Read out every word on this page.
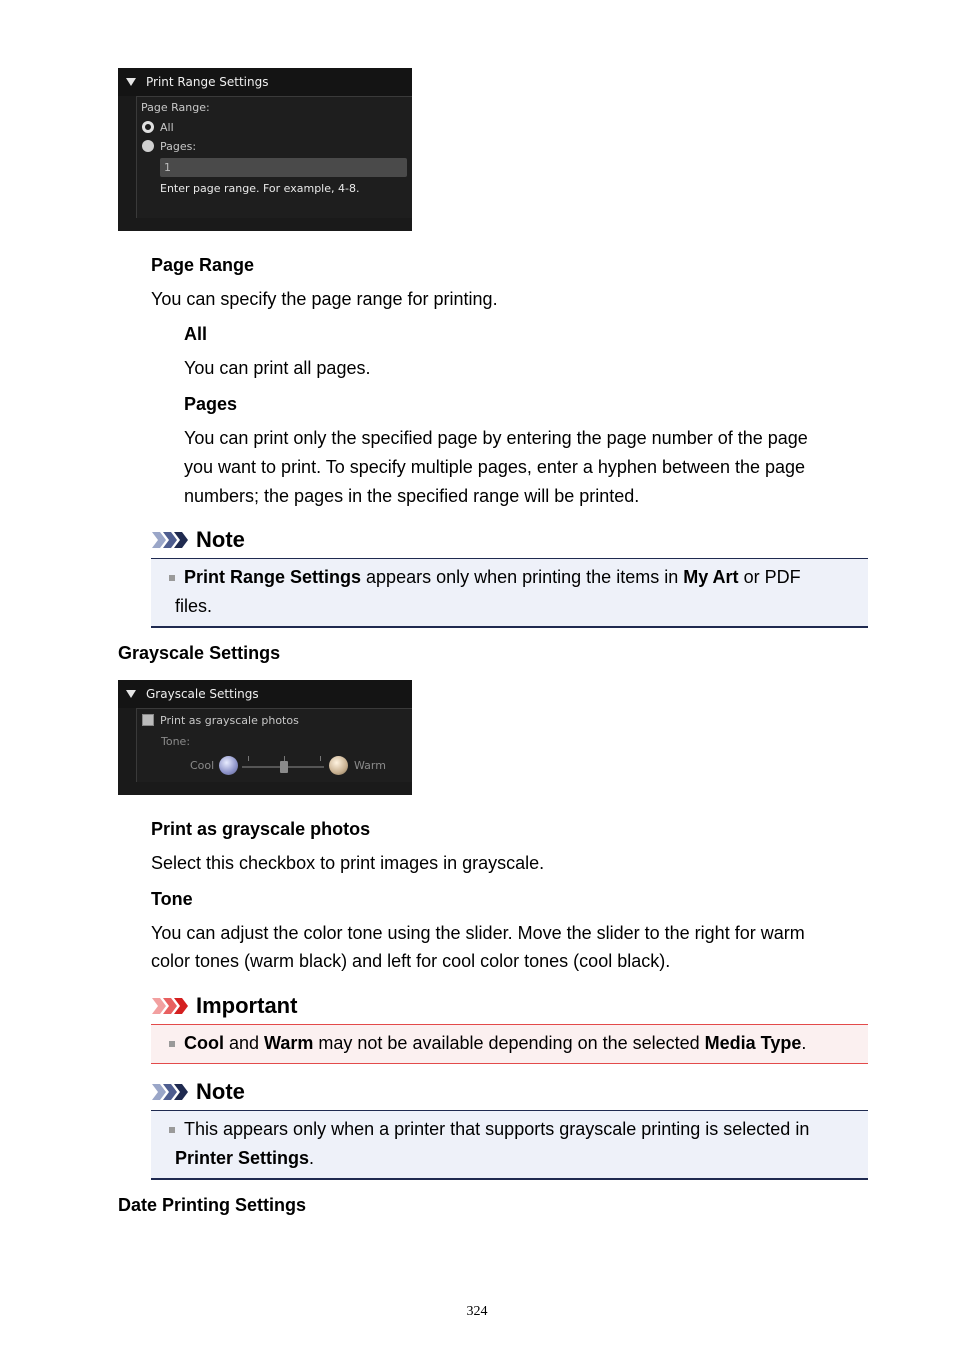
Print Range Settings
Page Range:
All
Pages:
1
Enter page range. For example, 4-8.
Page Range
You can specify the page range for printing.
All
You can print all pages.
Pages
You can print only the specified page by entering the page number of the page
you want to print. To specify multiple pages, enter a hyphen between the page
numbers; the pages in the specified range will be printed.
Note
Print Range Settings appears only when printing the items in My Art or PDF
files.
Grayscale Settings
Grayscale Settings
Print as grayscale photos
Tone:
Cool	Warm
Print as grayscale photos
Select this checkbox to print images in grayscale.
Tone
You can adjust the color tone using the slider. Move the slider to the right for warm
color tones (warm black) and left for cool color tones (cool black).
Important
Cool and Warm may not be available depending on the selected Media Type.
Note
This appears only when a printer that supports grayscale printing is selected in
Printer Settings.
Date Printing Settings
324
